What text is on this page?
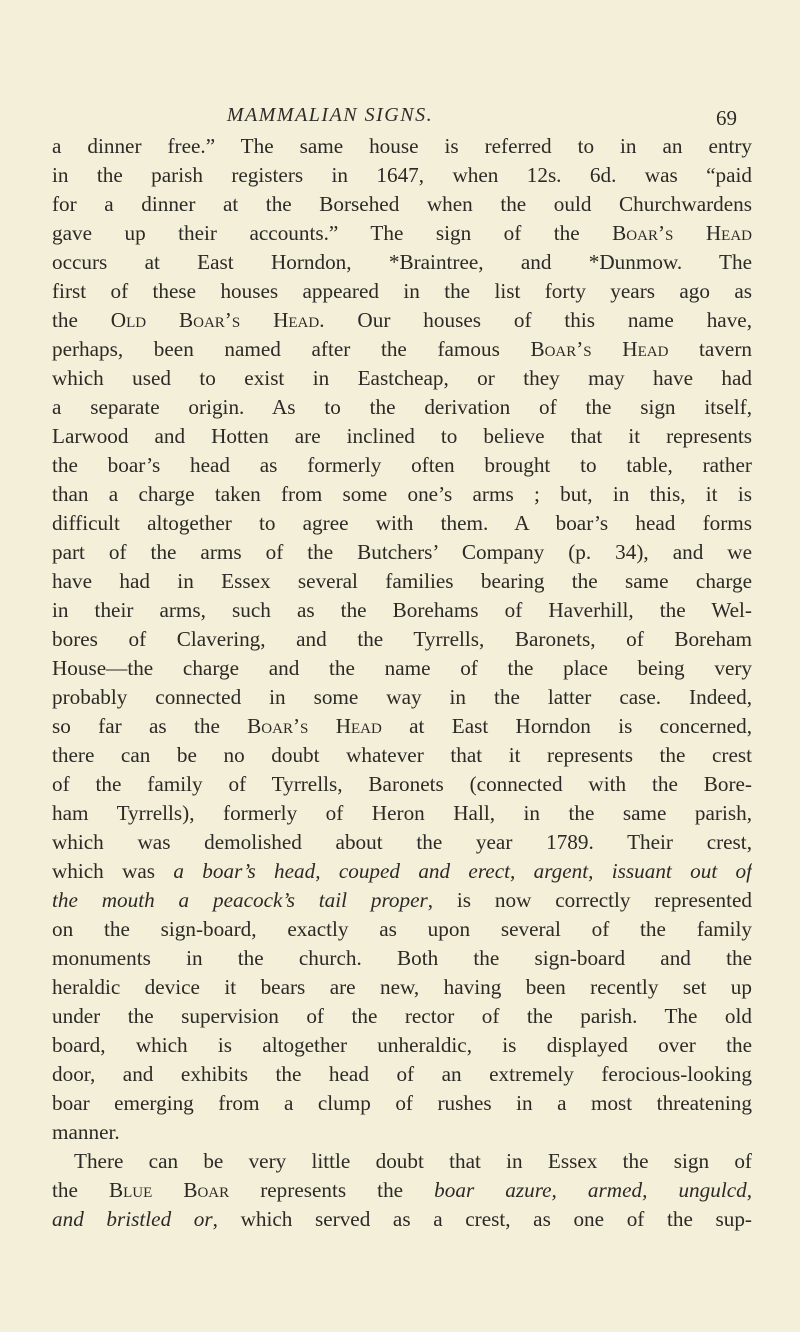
MAMMALIAN SIGNS.	69
a dinner free.” The same house is referred to in an entry
in the parish registers in 1647, when 12s. 6d. was “paid
for a dinner at the Borsehed when the ould Churchwardens
gave up their accounts.” The sign of the Boar’s Head
occurs at East Horndon, *Braintree, and *Dunmow. The
first of these houses appeared in the list forty years ago as
the Old Boar’s Head. Our houses of this name have,
perhaps, been named after the famous Boar’s Head tavern
which used to exist in Eastcheap, or they may have had
a separate origin. As to the derivation of the sign itself,
Larwood and Hotten are inclined to believe that it represents
the boar’s head as formerly often brought to table, rather
than a charge taken from some one’s arms ; but, in this, it is
difficult altogether to agree with them. A boar’s head forms
part of the arms of the Butchers’ Company (p. 34), and we
have had in Essex several families bearing the same charge
in their arms, such as the Borehams of Haverhill, the Wel-
bores of Clavering, and the Tyrrells, Baronets, of Boreham
House—the charge and the name of the place being very
probably connected in some way in the latter case. Indeed,
so far as the Boar’s Head at East Horndon is concerned,
there can be no doubt whatever that it represents the crest
of the family of Tyrrells, Baronets (connected with the Bore-
ham Tyrrells), formerly of Heron Hall, in the same parish,
which was demolished about the year 1789. Their crest,
which was a boar’s head, couped and erect, argent, issuant out of
the mouth a peacock’s tail proper, is now correctly represented
on the sign-board, exactly as upon several of the family
monuments in the church. Both the sign-board and the
heraldic device it bears are new, having been recently set up
under the supervision of the rector of the parish. The old
board, which is altogether unheraldic, is displayed over the
door, and exhibits the head of an extremely ferocious-looking
boar emerging from a clump of rushes in a most threatening
manner.
There can be very little doubt that in Essex the sign of
the Blue Boar represents the boar azure, armed, ungulcd,
and bristled or, which served as a crest, as one of the sup-
